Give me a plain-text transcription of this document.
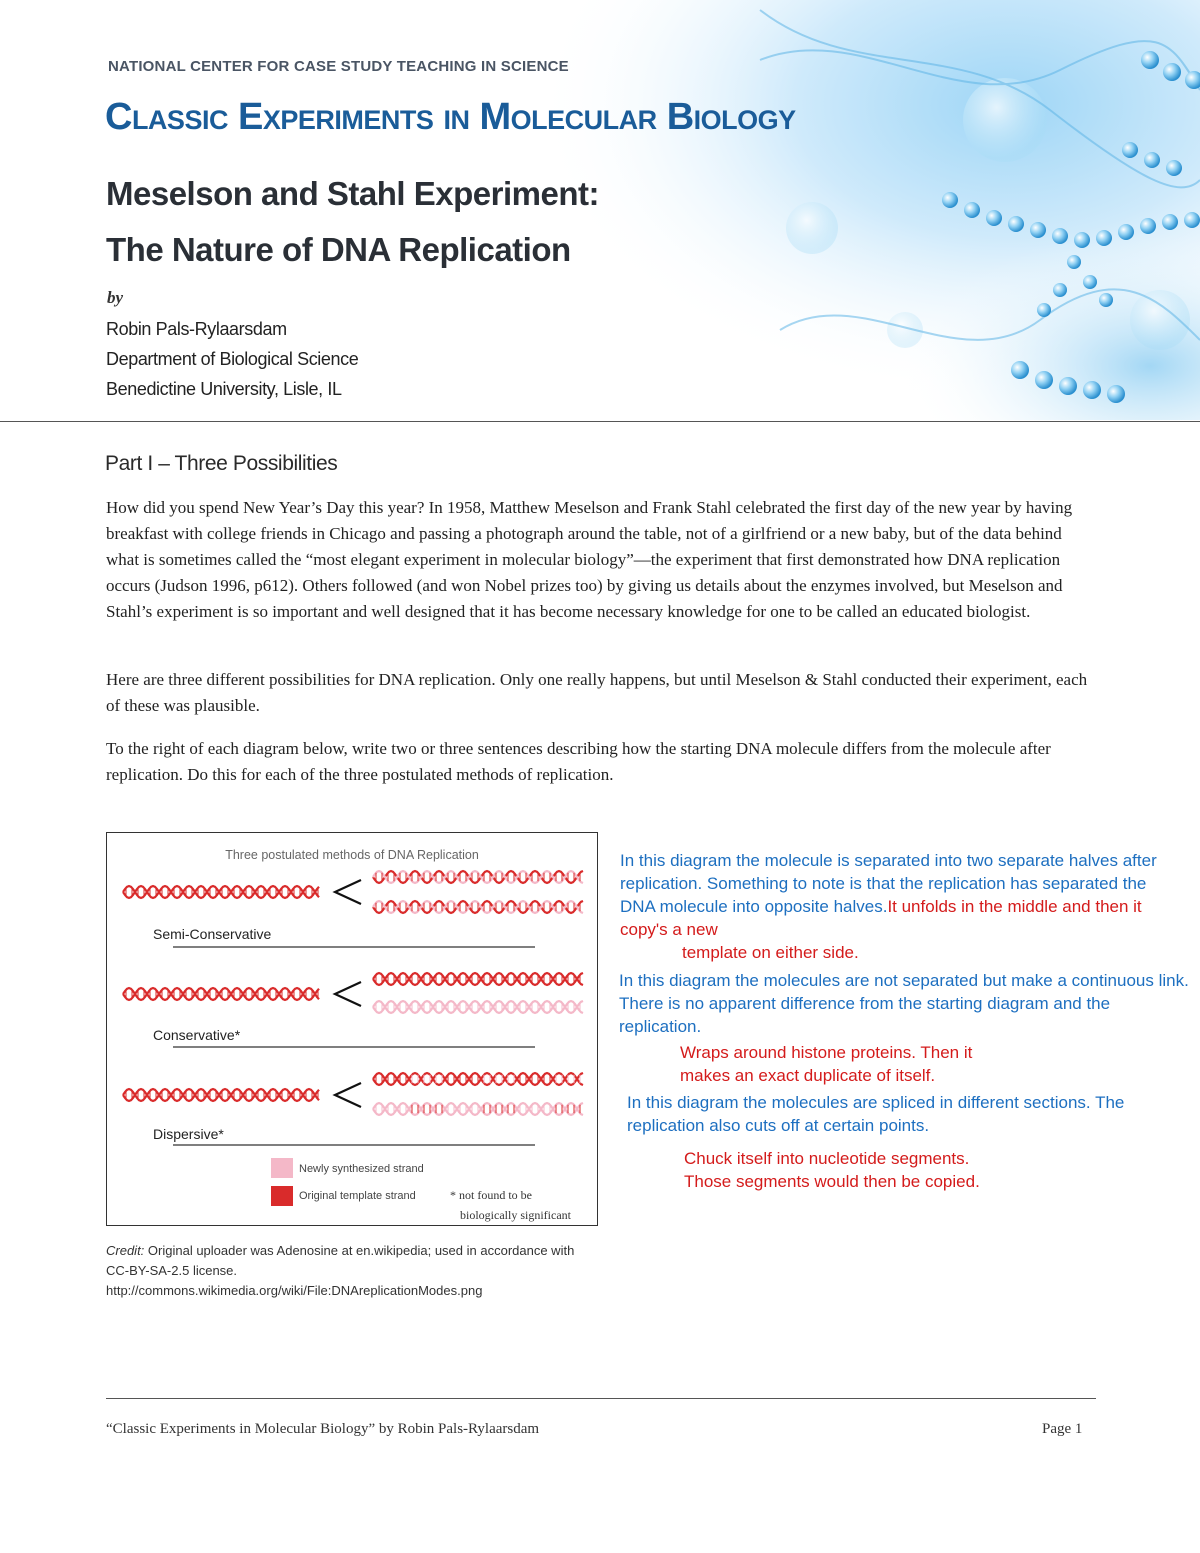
NATIONAL CENTER FOR CASE STUDY TEACHING IN SCIENCE
Classic Experiments in Molecular Biology
Meselson and Stahl Experiment:
The Nature of DNA Replication
by
Robin Pals-Rylaarsdam
Department of Biological Science
Benedictine University, Lisle, IL
Part I – Three Possibilities

How did you spend New Year’s Day this year? In 1958, Matthew Meselson and Frank Stahl celebrated the first day of the new year by having breakfast with college friends in Chicago and passing a photograph around the table, not of a girlfriend or a new baby, but of the data behind what is sometimes called the “most elegant experiment in molecular biology”—the experiment that first demonstrated how DNA replication occurs (Judson 1996, p612). Others followed (and won Nobel prizes too) by giving us details about the enzymes involved, but Meselson and Stahl’s experiment is so important and well designed that it has become necessary knowledge for one to be called an educated biologist.

Here are three different possibilities for DNA replication. Only one really happens, but until Meselson & Stahl conducted their experiment, each of these was plausible.

To the right of each diagram below, write two or three sentences describing how the starting DNA molecule differs from the molecule after replication. Do this for each of the three postulated methods of replication.

Three postulated methods of DNA Replication
Semi-Conservative
Conservative*
Dispersive*
Newly synthesized strand
Original template strand	* not found to be
biologically significant
Credit: Original uploader was Adenosine at en.wikipedia; used in accordance with CC-BY-SA-2.5 license. http://commons.wikimedia.org/wiki/File:DNAreplicationModes.png
In this diagram the molecule is separated into two separate halves after replication. Something to note is that the replication has separated the DNA molecule into opposite halves.It unfolds in the middle and then it copy's a new
template on either side.
In this diagram the molecules are not separated but make a continuous link. There is no apparent difference from the starting diagram and the replication.
Wraps around histone proteins. Then it
makes an exact duplicate of itself.
In this diagram the molecules are spliced in different sections. The replication also cuts off at certain points.
Chuck itself into nucleotide segments.
Those segments would then be copied.
“Classic Experiments in Molecular Biology” by Robin Pals-Rylaarsdam	Page 1
